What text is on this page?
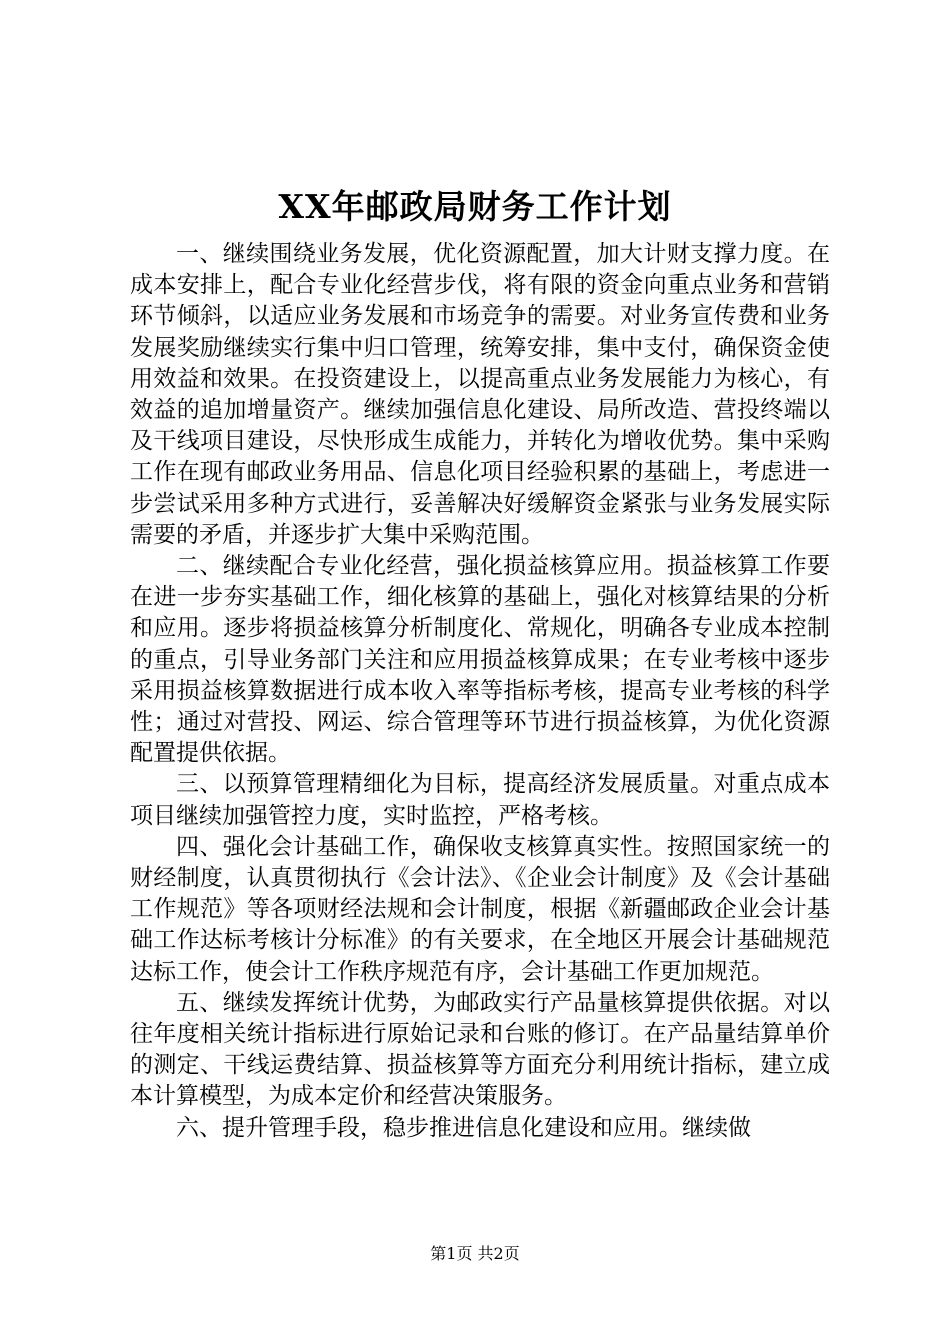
XX年邮政局财务工作计划

一、继续围绕业务发展，优化资源配置，加大计财支撑力度。在成本安排上，配合专业化经营步伐，将有限的资金向重点业务和营销环节倾斜，以适应业务发展和市场竞争的需要。对业务宣传费和业务发展奖励继续实行集中归口管理，统筹安排，集中支付，确保资金使用效益和效果。在投资建设上，以提高重点业务发展能力为核心，有效益的追加增量资产。继续加强信息化建设、局所改造、营投终端以及干线项目建设，尽快形成生成能力，并转化为增收优势。集中采购工作在现有邮政业务用品、信息化项目经验积累的基础上，考虑进一步尝试采用多种方式进行，妥善解决好缓解资金紧张与业务发展实际需要的矛盾，并逐步扩大集中采购范围。

二、继续配合专业化经营，强化损益核算应用。损益核算工作要在进一步夯实基础工作，细化核算的基础上，强化对核算结果的分析和应用。逐步将损益核算分析制度化、常规化，明确各专业成本控制的重点，引导业务部门关注和应用损益核算成果；在专业考核中逐步采用损益核算数据进行成本收入率等指标考核，提高专业考核的科学性；通过对营投、网运、综合管理等环节进行损益核算，为优化资源配置提供依据。

三、以预算管理精细化为目标，提高经济发展质量。对重点成本项目继续加强管控力度，实时监控，严格考核。

四、强化会计基础工作，确保收支核算真实性。按照国家统一的财经制度，认真贯彻执行《会计法》、《企业会计制度》及《会计基础工作规范》等各项财经法规和会计制度，根据《新疆邮政企业会计基础工作达标考核计分标准》的有关要求，在全地区开展会计基础规范达标工作，使会计工作秩序规范有序，会计基础工作更加规范。

五、继续发挥统计优势，为邮政实行产品量核算提供依据。对以往年度相关统计指标进行原始记录和台账的修订。在产品量结算单价的测定、干线运费结算、损益核算等方面充分利用统计指标，建立成本计算模型，为成本定价和经营决策服务。

六、提升管理手段，稳步推进信息化建设和应用。继续做

第1页 共2页
